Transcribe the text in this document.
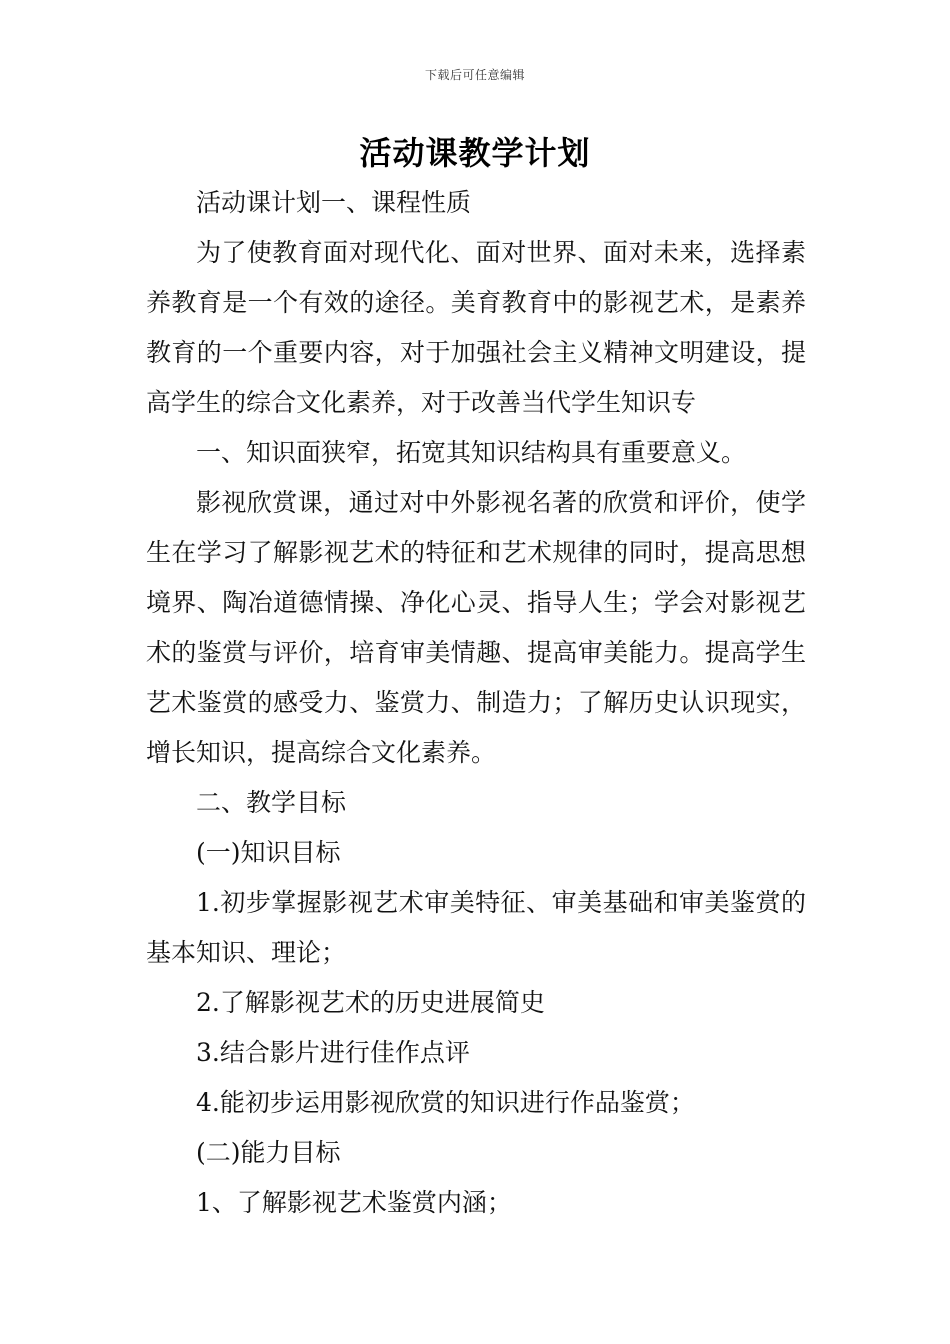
下载后可任意编辑
活动课教学计划

活动课计划一、课程性质

为了使教育面对现代化、面对世界、面对未来，选择素养教育是一个有效的途径。美育教育中的影视艺术，是素养教育的一个重要内容，对于加强社会主义精神文明建设，提高学生的综合文化素养，对于改善当代学生知识专

一、知识面狭窄，拓宽其知识结构具有重要意义。

影视欣赏课，通过对中外影视名著的欣赏和评价，使学生在学习了解影视艺术的特征和艺术规律的同时，提高思想境界、陶冶道德情操、净化心灵、指导人生；学会对影视艺术的鉴赏与评价，培育审美情趣、提高审美能力。提高学生艺术鉴赏的感受力、鉴赏力、制造力；了解历史认识现实，增长知识，提高综合文化素养。

二、教学目标

(一)知识目标

1.初步掌握影视艺术审美特征、审美基础和审美鉴赏的基本知识、理论；

2.了解影视艺术的历史进展简史

3.结合影片进行佳作点评

4.能初步运用影视欣赏的知识进行作品鉴赏；

(二)能力目标

1、了解影视艺术鉴赏内涵；
